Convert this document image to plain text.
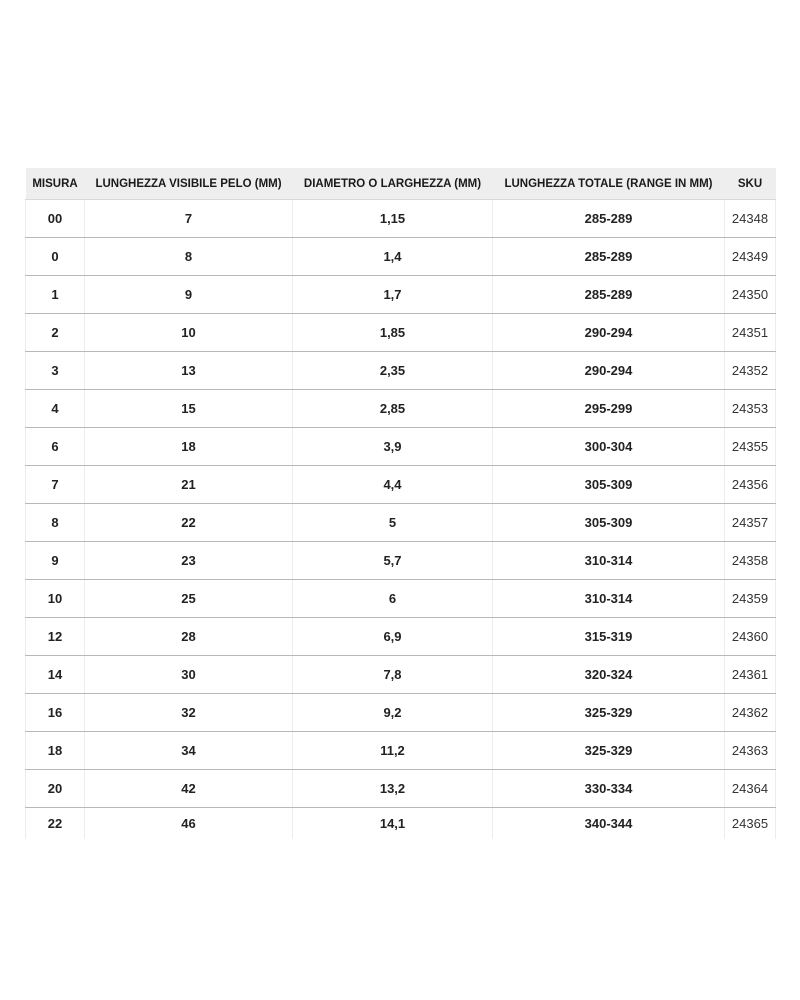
MISURA	LUNGHEZZA VISIBILE PELO (MM)	DIAMETRO O LARGHEZZA (MM)	LUNGHEZZA TOTALE (RANGE IN MM)	SKU
00	7	1,15	285-289	24348
0	8	1,4	285-289	24349
1	9	1,7	285-289	24350
2	10	1,85	290-294	24351
3	13	2,35	290-294	24352
4	15	2,85	295-299	24353
6	18	3,9	300-304	24355
7	21	4,4	305-309	24356
8	22	5	305-309	24357
9	23	5,7	310-314	24358
10	25	6	310-314	24359
12	28	6,9	315-319	24360
14	30	7,8	320-324	24361
16	32	9,2	325-329	24362
18	34	11,2	325-329	24363
20	42	13,2	330-334	24364
22	46	14,1	340-344	24365
